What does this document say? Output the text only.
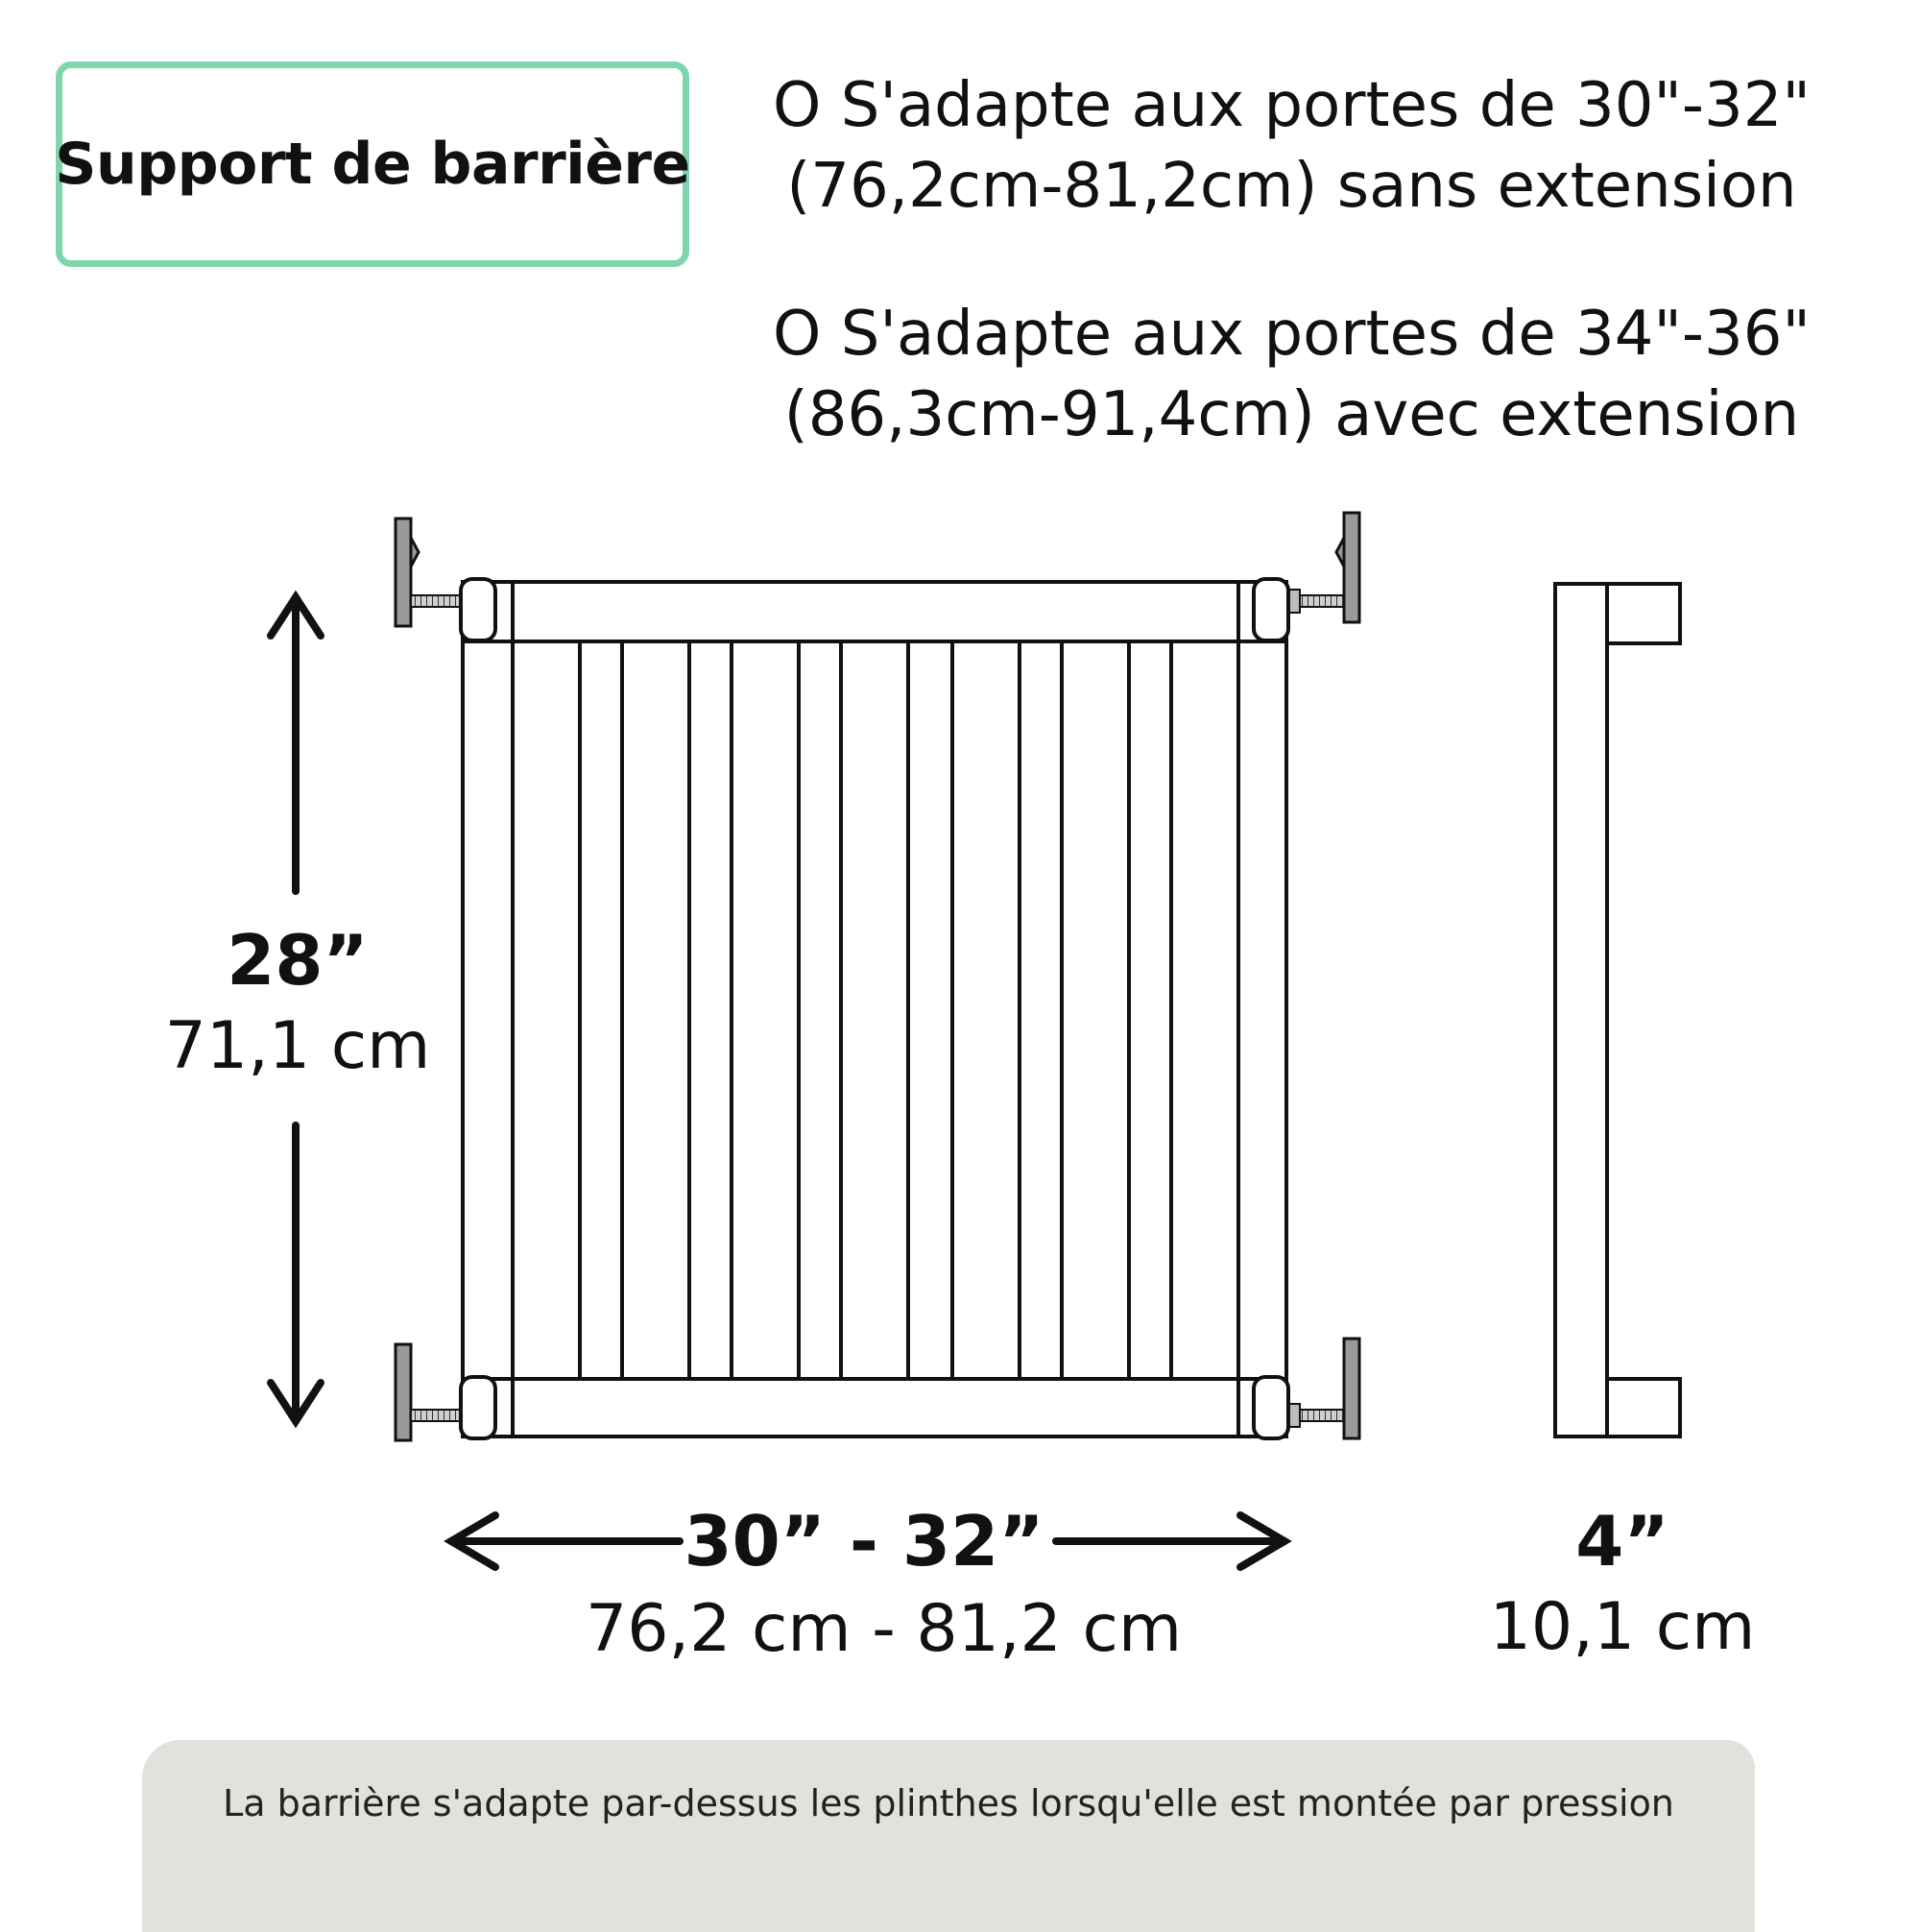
Support de barrière
O S'adapte aux portes de 30"-32"
(76,2cm-81,2cm) sans extension
O S'adapte aux portes de 34"-36"
(86,3cm-91,4cm) avec extension
28”
71,1 cm
30” - 32”
76,2 cm - 81,2 cm
4”
10,1 cm
La barrière s'adapte par-dessus les plinthes lorsqu'elle est montée par pression
